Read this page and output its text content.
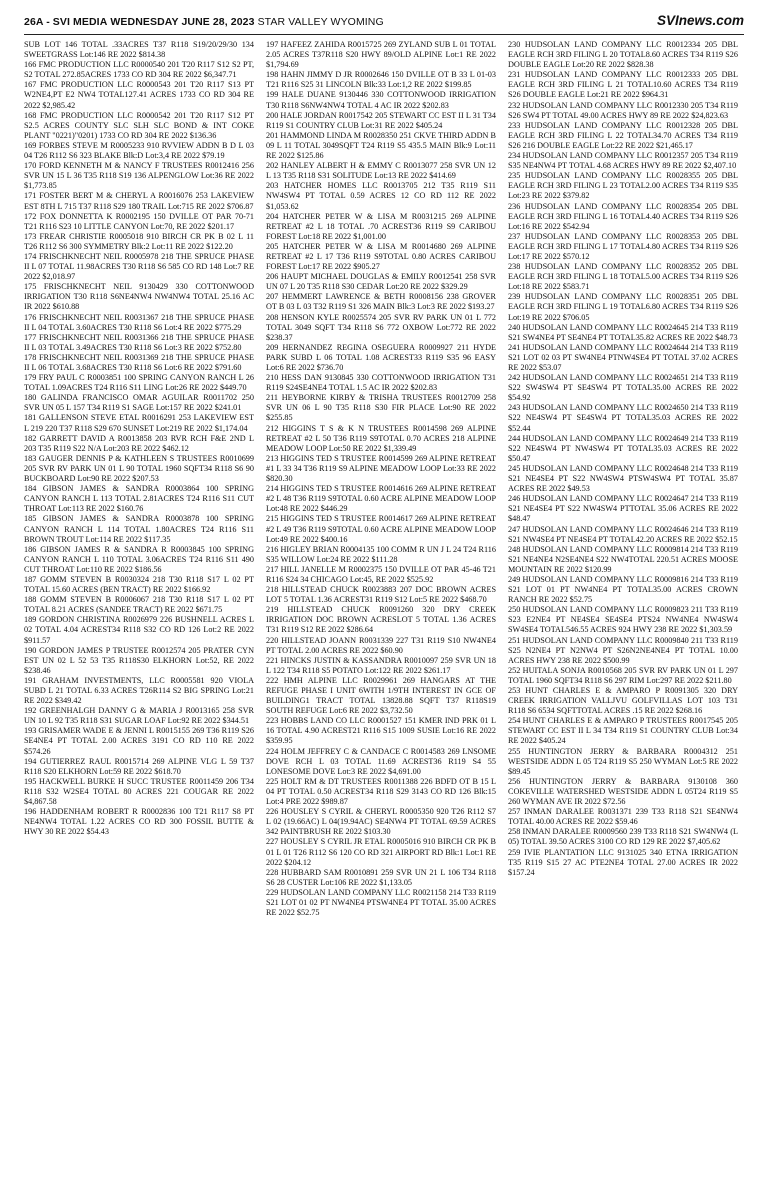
26A - SVI MEDIA WEDNESDAY JUNE 28, 2023 STAR VALLEY WYOMING	SVInews.com

SUB LOT 146 TOTAL .33ACRES T37 R118 S19/20/29/30 134 SWEETGRASS Lot:146 RE 2022 $814.38

166 FMC PRODUCTION LLC R0000540 201 T20 R117 S12 S2 PT, S2 TOTAL 272.85ACRES 1733 CO RD 304 RE 2022 $6,347.71

167 FMC PRODUCTION LLC R0000543 201 T20 R117 S13 PT W2NE4,PT E2 NW4 TOTAL127.41 ACRES 1733 CO RD 304 RE 2022 $2,985.42

168 FMC PRODUCTION LLC R0000542 201 T20 R117 S12 PT S2.5 ACRES COUNTY SLC SLH SLC BOND & INT COKE PLANT "0221)"0201) 1733 CO RD 304 RE 2022 $136.36

169 FORBES STEVE M R0005233 910 RVVIEW ADDN B D L 03 04 T26 R112 S6 323 BLAKE Blk:D Lot:3,4 RE 2022 $79.19

170 FORD KENNETH M & NANCY F TRUSTEES R0012416 256 SVR UN 15 L 36 T35 R118 S19 136 ALPENGLOW Lot:36 RE 2022 $1,773.85

171 FOSTER BERT M & CHERYL A R0016076 253 LAKEVIEW EST 8TH L 715 T37 R118 S29 180 TRAIL Lot:715 RE 2022 $706.87

172 FOX DONNETTA K R0002195 150 DVILLE OT PAR 70-71 T21 R116 S23 10 LITTLE CANYON Lot:70, RE 2022 $201.17

173 FREAR CHRISTIE R0005018 910 BIRCH CR PK B 02 L 11 T26 R112 S6 300 SYMMETRY Blk:2 Lot:11 RE 2022 $122.20

174 FRISCHKNECHT NEIL R0005978 218 THE SPRUCE PHASE II L 07 TOTAL 11.98ACRES T30 R118 S6 585 CO RD 148 Lot:7 RE 2022 $2,018.97

175 FRISCHKNECHT NEIL 9130429 330 COTTONWOOD IRRIGATION T30 R118 S6NE4NW4 NW4NW4 TOTAL 25.16 AC IR 2022 $610.88

176 FRISCHKNECHT NEIL R0031367 218 THE SPRUCE PHASE II L 04 TOTAL 3.60ACRES T30 R118 S6 Lot:4 RE 2022 $775.29

177 FRISCHKNECHT NEIL R0031366 218 THE SPRUCE PHASE II L 03 TOTAL 3.49ACRES T30 R118 S6 Lot:3 RE 2022 $752.80

178 FRISCHKNECHT NEIL R0031369 218 THE SPRUCE PHASE II L 06 TOTAL 3.68ACRES T30 R118 S6 Lot:6 RE 2022 $791.60

179 FRY PAUL C R0003851 100 SPRING CANYON RANCH L 26 TOTAL 1.09ACRES T24 R116 S11 LING Lot:26 RE 2022 $449.70

180 GALINDA FRANCISCO OMAR AGUILAR R0011702 250 SVR UN 05 L 157 T34 R119 S1 SAGE Lot:157 RE 2022 $241.01

181 GALLENSON STEVE ETAL R0016291 253 LAKEVIEW EST L 219 220 T37 R118 S29 670 SUNSET Lot:219 RE 2022 $1,174.04

182 GARRETT DAVID A R0013858 203 RVR RCH F&E 2ND L 203 T35 R119 S22 N/A Lot:203 RE 2022 $462.12

183 GAUGER DENNIS P & KATHLEEN S TRUSTEES R0010699 205 SVR RV PARK UN 01 L 90 TOTAL 1960 SQFT34 R118 S6 90 BUCKBOARD Lot:90 RE 2022 $207.53

184 GIBSON JAMES & SANDRA R0003864 100 SPRING CANYON RANCH L 113 TOTAL 2.81ACRES T24 R116 S11 CUT THROAT Lot:113 RE 2022 $160.76

185 GIBSON JAMES & SANDRA R0003878 100 SPRING CANYON RANCH L 114 TOTAL 1.80ACRES T24 R116 S11 BROWN TROUT Lot:114 RE 2022 $117.35

186 GIBSON JAMES R & SANDRA R R0003845 100 SPRING CANYON RANCH L 110 TOTAL 3.06ACRES T24 R116 S11 490 CUT THROAT Lot:110 RE 2022 $186.56

187 GOMM STEVEN B R0030324 218 T30 R118 S17 L 02 PT TOTAL 15.60 ACRES (BEN TRACT) RE 2022 $166.92

188 GOMM STEVEN B R0006067 218 T30 R118 S17 L 02 PT TOTAL 8.21 ACRES (SANDEE TRACT) RE 2022 $671.75

189 GORDON CHRISTINA R0026979 226 BUSHNELL ACRES L 02 TOTAL 4.04 ACREST34 R118 S32 CO RD 126 Lot:2 RE 2022 $911.57

190 GORDON JAMES P TRUSTEE R0012574 205 PRATER CYN EST UN 02 L 52 53 T35 R118S30 ELKHORN Lot:52, RE 2022 $238.46

191 GRAHAM INVESTMENTS, LLC R0005581 920 VIOLA SUBD L 21 TOTAL 6.33 ACRES T26R114 S2 BIG SPRING Lot:21 RE 2022 $349.42

192 GREENHALGH DANNY G & MARIA J R0013165 258 SVR UN 10 L 92 T35 R118 S31 SUGAR LOAF Lot:92 RE 2022 $344.51

193 GRISAMER WADE E & JENNI L R0015155 269 T36 R119 S26 SE4NE4 PT TOTAL 2.00 ACRES 3191 CO RD 110 RE 2022 $574.26

194 GUTIERREZ RAUL R0015714 269 ALPINE VLG L 59 T37 R118 S20 ELKHORN Lot:59 RE 2022 $618.70

195 HACKWELL BURKE H SUCC TRUSTEE R0011459 206 T34 R118 S32 W2SE4 TOTAL 80 ACRES 221 COUGAR RE 2022 $4,867.58

196 HADDENHAM ROBERT R R0002836 100 T21 R117 S8 PT NE4NW4 TOTAL 1.22 ACRES CO RD 300 FOSSIL BUTTE & HWY 30 RE 2022 $54.43

197 HAFEEZ ZAHIDA R0015725 269 ZYLAND SUB L 01 TOTAL 2.05 ACRES T37R118 S20 HWY 89/OLD ALPINE Lot:1 RE 2022 $1,794.69

198 HAHN JIMMY D JR R0002646 150 DVILLE OT B 33 L 01-03 T21 R116 S25 31 LINCOLN Blk:33 Lot:1,2 RE 2022 $199.85

199 HALE DUANE 9130446 330 COTTONWOOD IRRIGATION T30 R118 S6NW4NW4 TOTAL 4 AC IR 2022 $202.83

200 HALE JORDAN R0017542 205 STEWART CC EST II L 31 T34 R119 S1 COUNTRY CLUB Lot:31 RE 2022 $405.24

201 HAMMOND LINDA M R0028350 251 CKVE THIRD ADDN B 09 L 11 TOTAL 3049SQFT T24 R119 S5 435.5 MAIN Blk:9 Lot:11 RE 2022 $125.86

202 HANLEY ALBERT H & EMMY C R0013077 258 SVR UN 12 L 13 T35 R118 S31 SOLITUDE Lot:13 RE 2022 $414.69

203 HATCHER HOMES LLC R0013705 212 T35 R119 S11 NW4SW4 PT TOTAL 0.59 ACRES 12 CO RD 112 RE 2022 $1,053.62

204 HATCHER PETER W & LISA M R0031215 269 ALPINE RETREAT #2 L 18 TOTAL .70 ACREST36 R119 S9 CARIBOU FOREST Lot:18 RE 2022 $1,001.00

205 HATCHER PETER W & LISA M R0014680 269 ALPINE RETREAT #2 L 17 T36 R119 S9TOTAL 0.80 ACRES CARIBOU FOREST Lot:17 RE 2022 $905.27

206 HAUPT MICHAEL DOUGLAS & EMILY R0012541 258 SVR UN 07 L 20 T35 R118 S30 CEDAR Lot:20 RE 2022 $329.29

207 HEMMERT LAWRENCE & BETH R0008156 238 GROVER OT B 03 L 03 T32 R119 S1 326 MAIN Blk:3 Lot:3 RE 2022 $193.27

208 HENSON KYLE R0025574 205 SVR RV PARK UN 01 L 772 TOTAL 3049 SQFT T34 R118 S6 772 OXBOW Lot:772 RE 2022 $238.37

209 HERNANDEZ REGINA OSEGUERA R0009927 211 HYDE PARK SUBD L 06 TOTAL 1.08 ACREST33 R119 S35 96 EASY Lot:6 RE 2022 $736.70

210 HESS DAN 9130845 330 COTTONWOOD IRRIGATION T31 R119 S24SE4NE4 TOTAL 1.5 AC IR 2022 $202.83

211 HEYBORNE KIRBY & TRISHA TRUSTEES R0012709 258 SVR UN 06 L 90 T35 R118 S30 FIR PLACE Lot:90 RE 2022 $255.85

212 HIGGINS T S & K N TRUSTEES R0014598 269 ALPINE RETREAT #2 L 50 T36 R119 S9TOTAL 0.70 ACRES 218 ALPINE MEADOW LOOP Lot:50 RE 2022 $1,339.49

213 HIGGINS TED S TRUSTEE R0014599 269 ALPINE RETREAT #1 L 33 34 T36 R119 S9 ALPINE MEADOW LOOP Lot:33 RE 2022 $820.30

214 HIGGINS TED S TRUSTEE R0014616 269 ALPINE RETREAT #2 L 48 T36 R119 S9TOTAL 0.60 ACRE ALPINE MEADOW LOOP Lot:48 RE 2022 $446.29

215 HIGGINS TED S TRUSTEE R0014617 269 ALPINE RETREAT #2 L 49 T36 R119 S9TOTAL 0.60 ACRE ALPINE MEADOW LOOP Lot:49 RE 2022 $400.16

216 HIGLEY BRIAN R0004135 100 COMM R UN J L 24 T24 R116 S35 WILLOW Lot:24 RE 2022 $111.28

217 HILL JANELLE M R0002375 150 DVILLE OT PAR 45-46 T21 R116 S24 34 CHICAGO Lot:45, RE 2022 $525.92

218 HILLSTEAD CHUCK R0023883 207 DOC BROWN ACRES LOT 5 TOTAL 1.36 ACREST31 R119 S12 Lot:5 RE 2022 $468.70

219 HILLSTEAD CHUCK R0091260 320 DRY CREEK IRRIGATION DOC BROWN ACRESLOT 5 TOTAL 1.36 ACRES T31 R119 S12 RE 2022 $286.64

220 HILLSTEAD JOANN R0031339 227 T31 R119 S10 NW4NE4 PT TOTAL 2.00 ACRES RE 2022 $60.90

221 HINCKS JUSTIN & KASSANDRA R0010097 259 SVR UN 18 L 122 T34 R118 S5 POTATO Lot:122 RE 2022 $261.17

222 HMH ALPINE LLC R0029961 269 HANGARS AT THE REFUGE PHASE I UNIT 6WITH 1/9TH INTEREST IN GCE OF BUILDING1 TRACT TOTAL 13828.88 SQFT T37 R118S19 SOUTH REFUGE Lot:6 RE 2022 $3,732.50

223 HOBBS LAND CO LLC R0001527 151 KMER IND PRK 01 L 16 TOTAL 4.90 ACREST21 R116 S15 1009 SUSIE Lot:16 RE 2022 $359.95

224 HOLM JEFFREY C & CANDACE C R0014583 269 LNSOME DOVE RCH L 03 TOTAL 11.69 ACREST36 R119 S4 55 LONESOME DOVE Lot:3 RE 2022 $4,691.00

225 HOLT RM & DT TRUSTEES R0011388 226 BDFD OT B 15 L 04 PT TOTAL 0.50 ACREST34 R118 S29 3143 CO RD 126 Blk:15 Lot:4 PRE 2022 $989.87

226 HOUSLEY S CYRIL & CHERYL R0005350 920 T26 R112 S7 L 02 (19.66AC) L 04(19.94AC) SE4NW4 PT TOTAL 69.59 ACRES 342 PAINTBRUSH RE 2022 $103.30

227 HOUSLEY S CYRIL JR ETAL R0005016 910 BIRCH CR PK B 01 L 01 T26 R112 S6 120 CO RD 321 AIRPORT RD Blk:1 Lot:1 RE 2022 $204.12

228 HUBBARD SAM R0010891 259 SVR UN 21 L 106 T34 R118 S6 28 CUSTER Lot:106 RE 2022 $1,133.05

229 HUDSOLAN LAND COMPANY LLC R0021158 214 T33 R119 S21 LOT 01 02 PT NW4NE4 PTSW4NE4 PT TOTAL 35.00 ACRES RE 2022 $52.75

230 HUDSOLAN LAND COMPANY LLC R0012334 205 DBL EAGLE RCH 3RD FILING L 20 TOTAL8.60 ACRES T34 R119 S26 DOUBLE EAGLE Lot:20 RE 2022 $828.38

231 HUDSOLAN LAND COMPANY LLC R0012333 205 DBL EAGLE RCH 3RD FILING L 21 TOTAL10.60 ACRES T34 R119 S26 DOUBLE EAGLE Lot:21 RE 2022 $964.31

232 HUDSOLAN LAND COMPANY LLC R0012330 205 T34 R119 S26 SW4 PT TOTAL 49.00 ACRES HWY 89 RE 2022 $24,823.63

233 HUDSOLAN LAND COMPANY LLC R0012328 205 DBL EAGLE RCH 3RD FILING L 22 TOTAL34.70 ACRES T34 R119 S26 216 DOUBLE EAGLE Lot:22 RE 2022 $21,465.17

234 HUDSOLAN LAND COMPANY LLC R0012357 205 T34 R119 S35 NE4NW4 PT TOTAL 4.68 ACRES HWY 89 RE 2022 $2,407.10

235 HUDSOLAN LAND COMPANY LLC R0028355 205 DBL EAGLE RCH 3RD FILING L 23 TOTAL2.00 ACRES T34 R119 S35 Lot:23 RE 2022 $379.82

236 HUDSOLAN LAND COMPANY LLC R0028354 205 DBL EAGLE RCH 3RD FILING L 16 TOTAL4.40 ACRES T34 R119 S26 Lot:16 RE 2022 $542.94

237 HUDSOLAN LAND COMPANY LLC R0028353 205 DBL EAGLE RCH 3RD FILING L 17 TOTAL4.80 ACRES T34 R119 S26 Lot:17 RE 2022 $570.12

238 HUDSOLAN LAND COMPANY LLC R0028352 205 DBL EAGLE RCH 3RD FILING L 18 TOTAL5.00 ACRES T34 R119 S26 Lot:18 RE 2022 $583.71

239 HUDSOLAN LAND COMPANY LLC R0028351 205 DBL EAGLE RCH 3RD FILING L 19 TOTAL6.80 ACRES T34 R119 S26 Lot:19 RE 2022 $706.05

240 HUDSOLAN LAND COMPANY LLC R0024645 214 T33 R119 S21 SW4NE4 PT SE4NE4 PT TOTAL35.82 ACRES RE 2022 $48.73

241 HUDSOLAN LAND COMPANY LLC R0024644 214 T33 R119 S21 LOT 02 03 PT SW4NE4 PTNW4SE4 PT TOTAL 37.02 ACRES RE 2022 $53.07

242 HUDSOLAN LAND COMPANY LLC R0024651 214 T33 R119 S22 SW4SW4 PT SE4SW4 PT TOTAL35.00 ACRES RE 2022 $54.92

243 HUDSOLAN LAND COMPANY LLC R0024650 214 T33 R119 S22 NE4SW4 PT SE4SW4 PT TOTAL35.03 ACRES RE 2022 $52.44

244 HUDSOLAN LAND COMPANY LLC R0024649 214 T33 R119 S22 NE4SW4 PT NW4SW4 PT TOTAL35.03 ACRES RE 2022 $50.47

245 HUDSOLAN LAND COMPANY LLC R0024648 214 T33 R119 S21 NE4SE4 PT S22 NW4SW4 PTSW4SW4 PT TOTAL 35.87 ACRES RE 2022 $49.53

246 HUDSOLAN LAND COMPANY LLC R0024647 214 T33 R119 S21 NE4SE4 PT S22 NW4SW4 PTTOTAL 35.06 ACRES RE 2022 $48.47

247 HUDSOLAN LAND COMPANY LLC R0024646 214 T33 R119 S21 NW4SE4 PT NE4SE4 PT TOTAL42.20 ACRES RE 2022 $52.15

248 HUDSOLAN LAND COMPANY LLC R0009814 214 T33 R119 S21 NE4NE4 N2SE4NE4 S22 NW4TOTAL 220.51 ACRES MOOSE MOUNTAIN RE 2022 $120.99

249 HUDSOLAN LAND COMPANY LLC R0009816 214 T33 R119 S21 LOT 01 PT NW4NE4 PT TOTAL35.00 ACRES CROWN RANCH RE 2022 $52.75

250 HUDSOLAN LAND COMPANY LLC R0009823 211 T33 R119 S23 E2NE4 PT NE4SE4 SE4SE4 PTS24 NW4NE4 NW4SW4 SW4SE4 TOTAL546.55 ACRES 924 HWY 238 RE 2022 $1,303.59

251 HUDSOLAN LAND COMPANY LLC R0009840 211 T33 R119 S25 N2NE4 PT N2NW4 PT S26N2NE4NE4 PT TOTAL 10.00 ACRES HWY 238 RE 2022 $500.99

252 HUITALA SONJA R0010568 205 SVR RV PARK UN 01 L 297 TOTAL 1960 SQFT34 R118 S6 297 RIM Lot:297 RE 2022 $211.80

253 HUNT CHARLES E & AMPARO P R0091305 320 DRY CREEK IRRIGATION VALLJVU GOLFVILLAS LOT 103 T31 R118 S6 6534 SQFTTOTAL ACRES .15 RE 2022 $268.16

254 HUNT CHARLES E & AMPARO P TRUSTEES R0017545 205 STEWART CC EST II L 34 T34 R119 S1 COUNTRY CLUB Lot:34 RE 2022 $405.24

255 HUNTINGTON JERRY & BARBARA R0004312 251 WESTSIDE ADDN L 05 T24 R119 S5 250 WYMAN Lot:5 RE 2022 $89.45

256 HUNTINGTON JERRY & BARBARA 9130108 360 COKEVILLE WATERSHED WESTSIDE ADDN L 05T24 R119 S5 260 WYMAN AVE IR 2022 $72.56

257 INMAN DARALEE R0031371 239 T33 R118 S21 SE4NW4 TOTAL 40.00 ACRES RE 2022 $59.46

258 INMAN DARALEE R0009560 239 T33 R118 S21 SW4NW4 (L 05) TOTAL 39.50 ACRES 3100 CO RD 129 RE 2022 $7,405.62

259 IVIE PLANTATION LLC 9131025 340 ETNA IRRIGATION T35 R119 S15 27 AC PTE2NE4 TOTAL 27.00 ACRES IR 2022 $157.24
